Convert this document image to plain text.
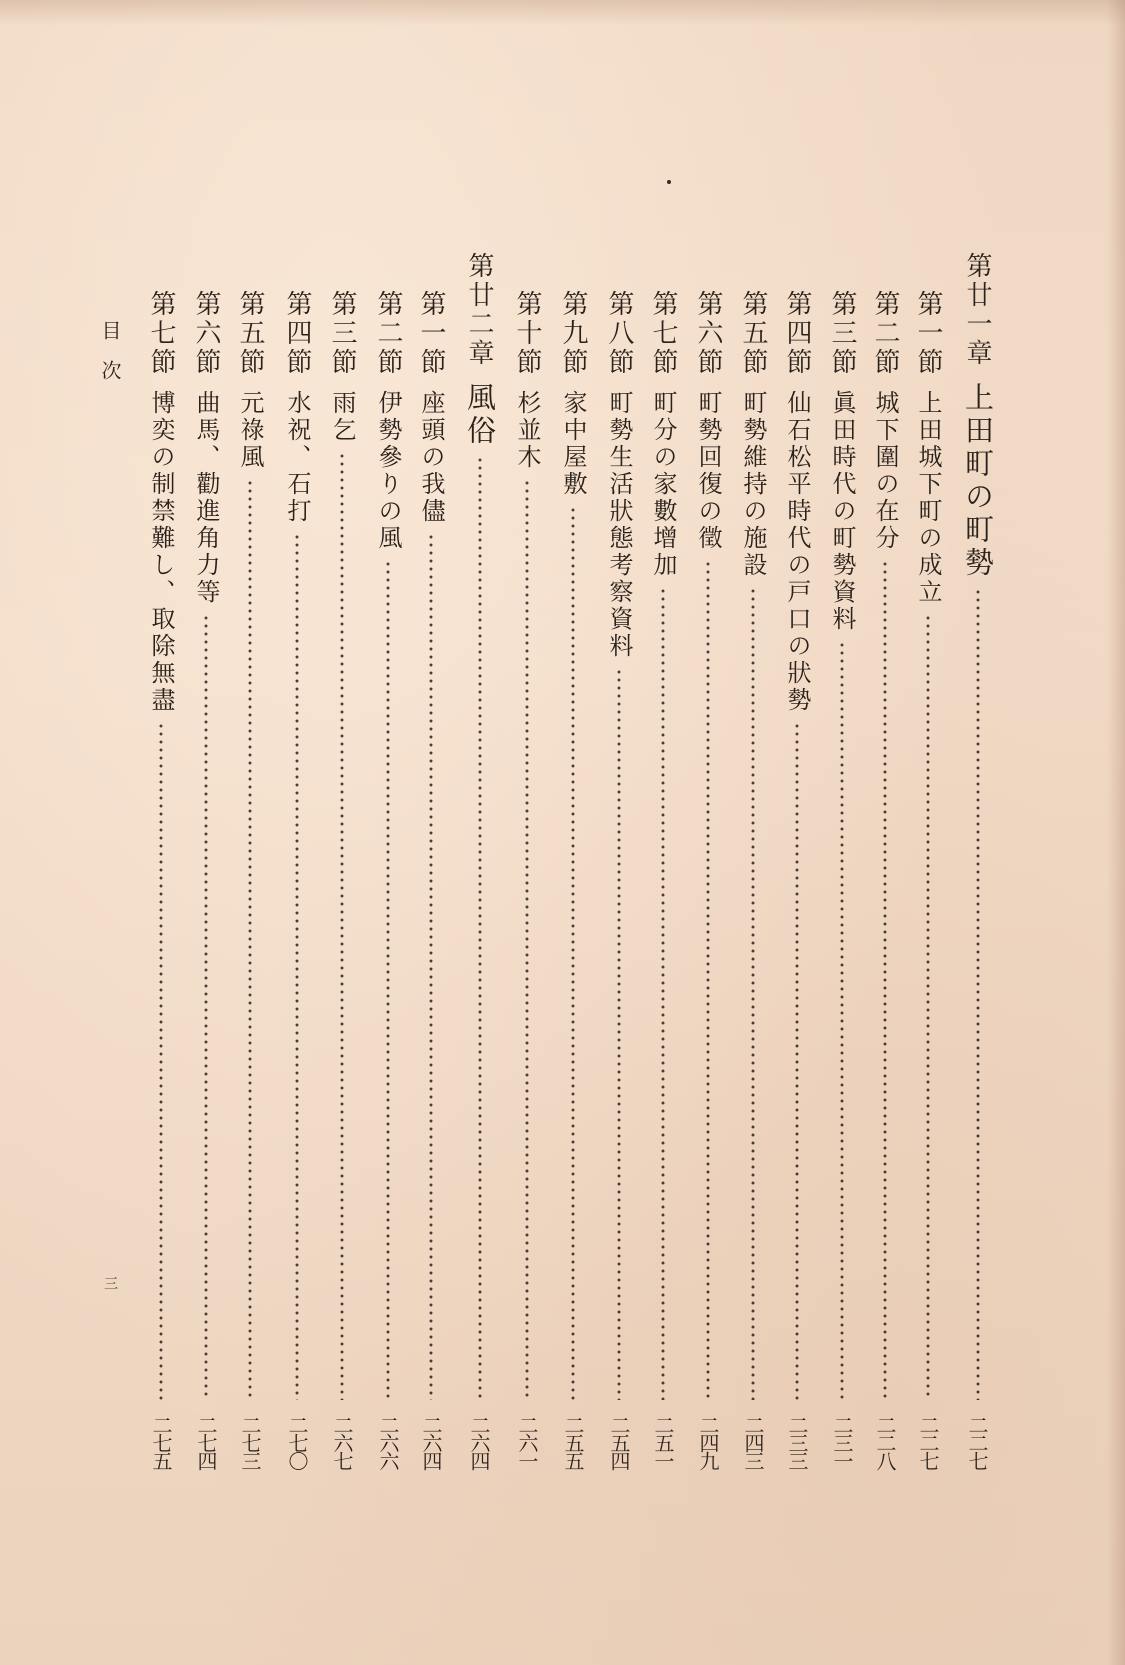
第廿一章
上田町の町勢
二二七
第一節
上田城下町の成立
二二七
第二節
城下圍の在分
二二八
第三節
眞田時代の町勢資料
二三一
第四節
仙石松平時代の戸口の狀勢
二三三
第五節
町勢維持の施設
二四三
第六節
町勢回復の徵
二四九
第七節
町分の家數增加
二五一
第八節
町勢生活狀態考察資料
二五四
第九節
家中屋敷
二五五
第十節
杉並木
二六一
第廿二章
風俗
二六四
第一節
座頭の我儘
二六四
第二節
伊勢參りの風
二六六
第三節
雨乞
二六七
第四節
水祝、石打
二七〇
第五節
元祿風
二七三
第六節
曲馬、勸進角力等
二七四
第七節
博奕の制禁難し、取除無盡
二七五
目次
三
